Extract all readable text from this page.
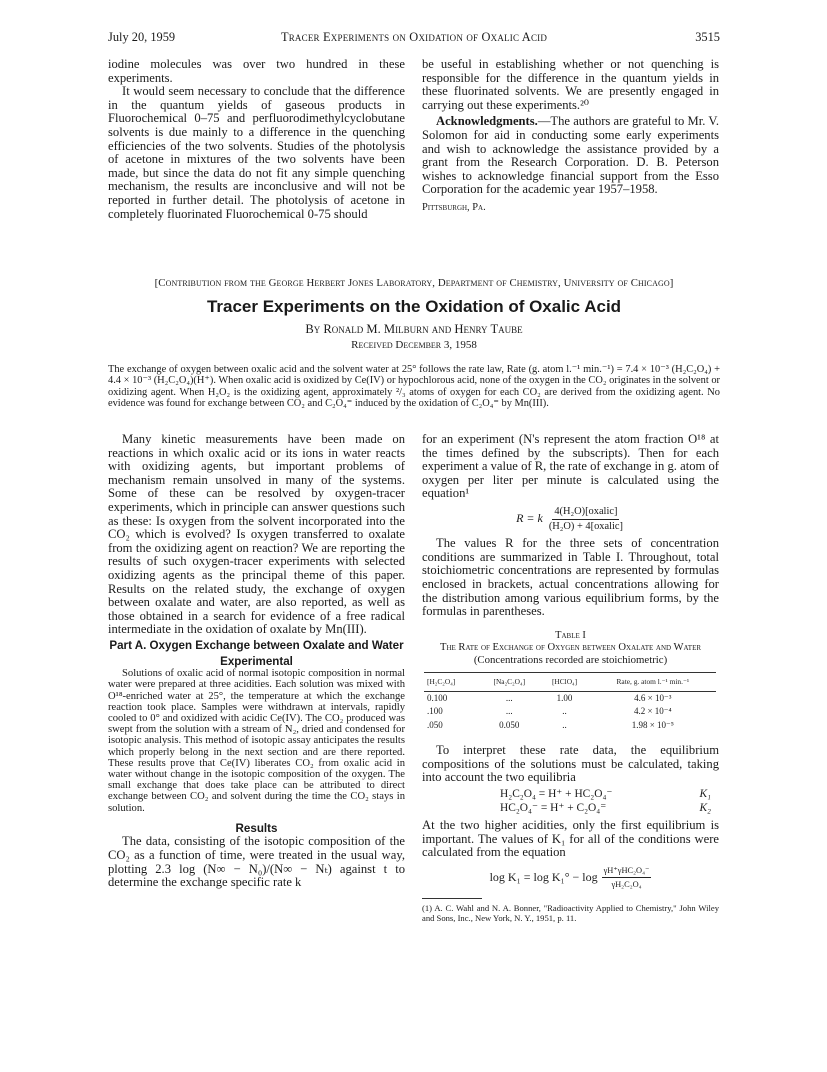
July 20, 1959	Tracer Experiments on Oxidation of Oxalic Acid	3515

iodine molecules was over two hundred in these experiments.

It would seem necessary to conclude that the difference in the quantum yields of gaseous products in Fluorochemical 0–75 and perfluorodimethylcyclobutane solvents is due mainly to a difference in the quenching efficiencies of the two solvents. Studies of the photolysis of acetone in mixtures of the two solvents have been made, but since the data do not fit any simple quenching mechanism, the results are inconclusive and will not be reported in further detail. The photolysis of acetone in completely fluorinated Fluorochemical 0-75 should

be useful in establishing whether or not quenching is responsible for the difference in the quantum yields in these fluorinated solvents. We are presently engaged in carrying out these experiments.²⁰

Acknowledgments.—The authors are grateful to Mr. V. Solomon for aid in conducting some early experiments and wish to acknowledge the assistance provided by a grant from the Research Corporation. D. B. Peterson wishes to acknowledge financial support from the Esso Corporation for the academic year 1957–1958.

Pittsburgh, Pa.

[Contribution from the George Herbert Jones Laboratory, Department of Chemistry, University of Chicago]
Tracer Experiments on the Oxidation of Oxalic Acid
By Ronald M. Milburn and Henry Taube
Received December 3, 1958
The exchange of oxygen between oxalic acid and the solvent water at 25° follows the rate law, Rate (g. atom l.⁻¹ min.⁻¹) = 7.4 × 10⁻³ (H₂C₂O₄) + 4.4 × 10⁻³ (H₂C₂O₄)(H⁺). When oxalic acid is oxidized by Ce(IV) or hypochlorous acid, none of the oxygen in the CO₂ originates in the solvent or oxidizing agent. When H₂O₂ is the oxidizing agent, approximately ²/₃ atoms of oxygen for each CO₂ are derived from the oxidizing agent. No evidence was found for exchange between CO₂ and C₂O₄⁼ induced by the oxidation of C₂O₄⁼ by Mn(III).

Many kinetic measurements have been made on reactions in which oxalic acid or its ions in water reacts with oxidizing agents, but important problems of mechanism remain unsolved in many of the systems. Some of these can be resolved by oxygen-tracer experiments, which in principle can answer questions such as these: Is oxygen from the solvent incorporated into the CO₂ which is evolved? Is oxygen transferred to oxalate from the oxidizing agent on reaction? We are reporting the results of such oxygen-tracer experiments with selected oxidizing agents as the principal theme of this paper. Results on the related study, the exchange of oxygen between oxalate and water, are also reported, as well as those obtained in a search for evidence of a free radical intermediate in the oxidation of oxalate by Mn(III).

Part A. Oxygen Exchange between Oxalate and Water
Experimental

Solutions of oxalic acid of normal isotopic composition in normal water were prepared at three acidities. Each solution was mixed with O¹⁸-enriched water at 25°, the temperature at which the exchange reaction took place. Samples were withdrawn at intervals, rapidly cooled to 0° and oxidized with acidic Ce(IV). The CO₂ produced was swept from the solution with a stream of N₂, dried and condensed for isotopic analysis. This method of isotopic assay anticipates the results which properly belong in the next section and are there reported. These results prove that Ce(IV) liberates CO₂ from oxalic acid in water without change in the isotopic composition of the oxygen. The small exchange that does take place can be attributed to direct exchange between CO₂ and solvent during the time the CO₂ stays in solution.

Results

The data, consisting of the isotopic composition of the CO₂ as a function of time, were treated in the usual way, plotting 2.3 log (N∞ − N₀)/(N∞ − Nₜ) against t to determine the exchange specific rate k

for an experiment (N's represent the atom fraction O¹⁸ at the times defined by the subscripts). Then for each experiment a value of R, the rate of exchange in g. atom of oxygen per liter per minute is calculated using the equation¹

R = k $\frac{\text{4(H₂O)[oxalic]}}{\text{(H₂O) + 4[oxalic]}}$

The values R for the three sets of concentration conditions are summarized in Table I. Throughout, total stoichiometric concentrations are represented by formulas enclosed in brackets, actual concentrations allowing for the distribution among various equilibrium forms, by the formulas in parentheses.

Table I
The Rate of Exchange of Oxygen between Oxalate and Water
(Concentrations recorded are stoichiometric)
[H₂C₂O₄]	[Na₂C₂O₄]	[HClO₄]	Rate, g. atom l.⁻¹ min.⁻¹
0.100	...	1.00	4.6 × 10⁻³
.100	...	..	4.2 × 10⁻⁴
.050	0.050	..	1.98 × 10⁻⁵

To interpret these rate data, the equilibrium compositions of the solutions must be calculated, taking into account the two equilibria

H₂C₂O₄ = H⁺ + HC₂O₄⁻	K₁
HC₂O₄⁻ = H⁺ + C₂O₄⁼	K₂

At the two higher acidities, only the first equilibrium is important. The values of K₁ for all of the conditions were calculated from the equation

$\log K_1 = \log K_1^\circ - \log \frac{\text{γH⁺γHC₂O₄⁻}}{\text{γH₂C₂O₄}}$

(1) A. C. Wahl and N. A. Bonner, "Radioactivity Applied to Chemistry," John Wiley and Sons, Inc., New York, N. Y., 1951, p. 11.
